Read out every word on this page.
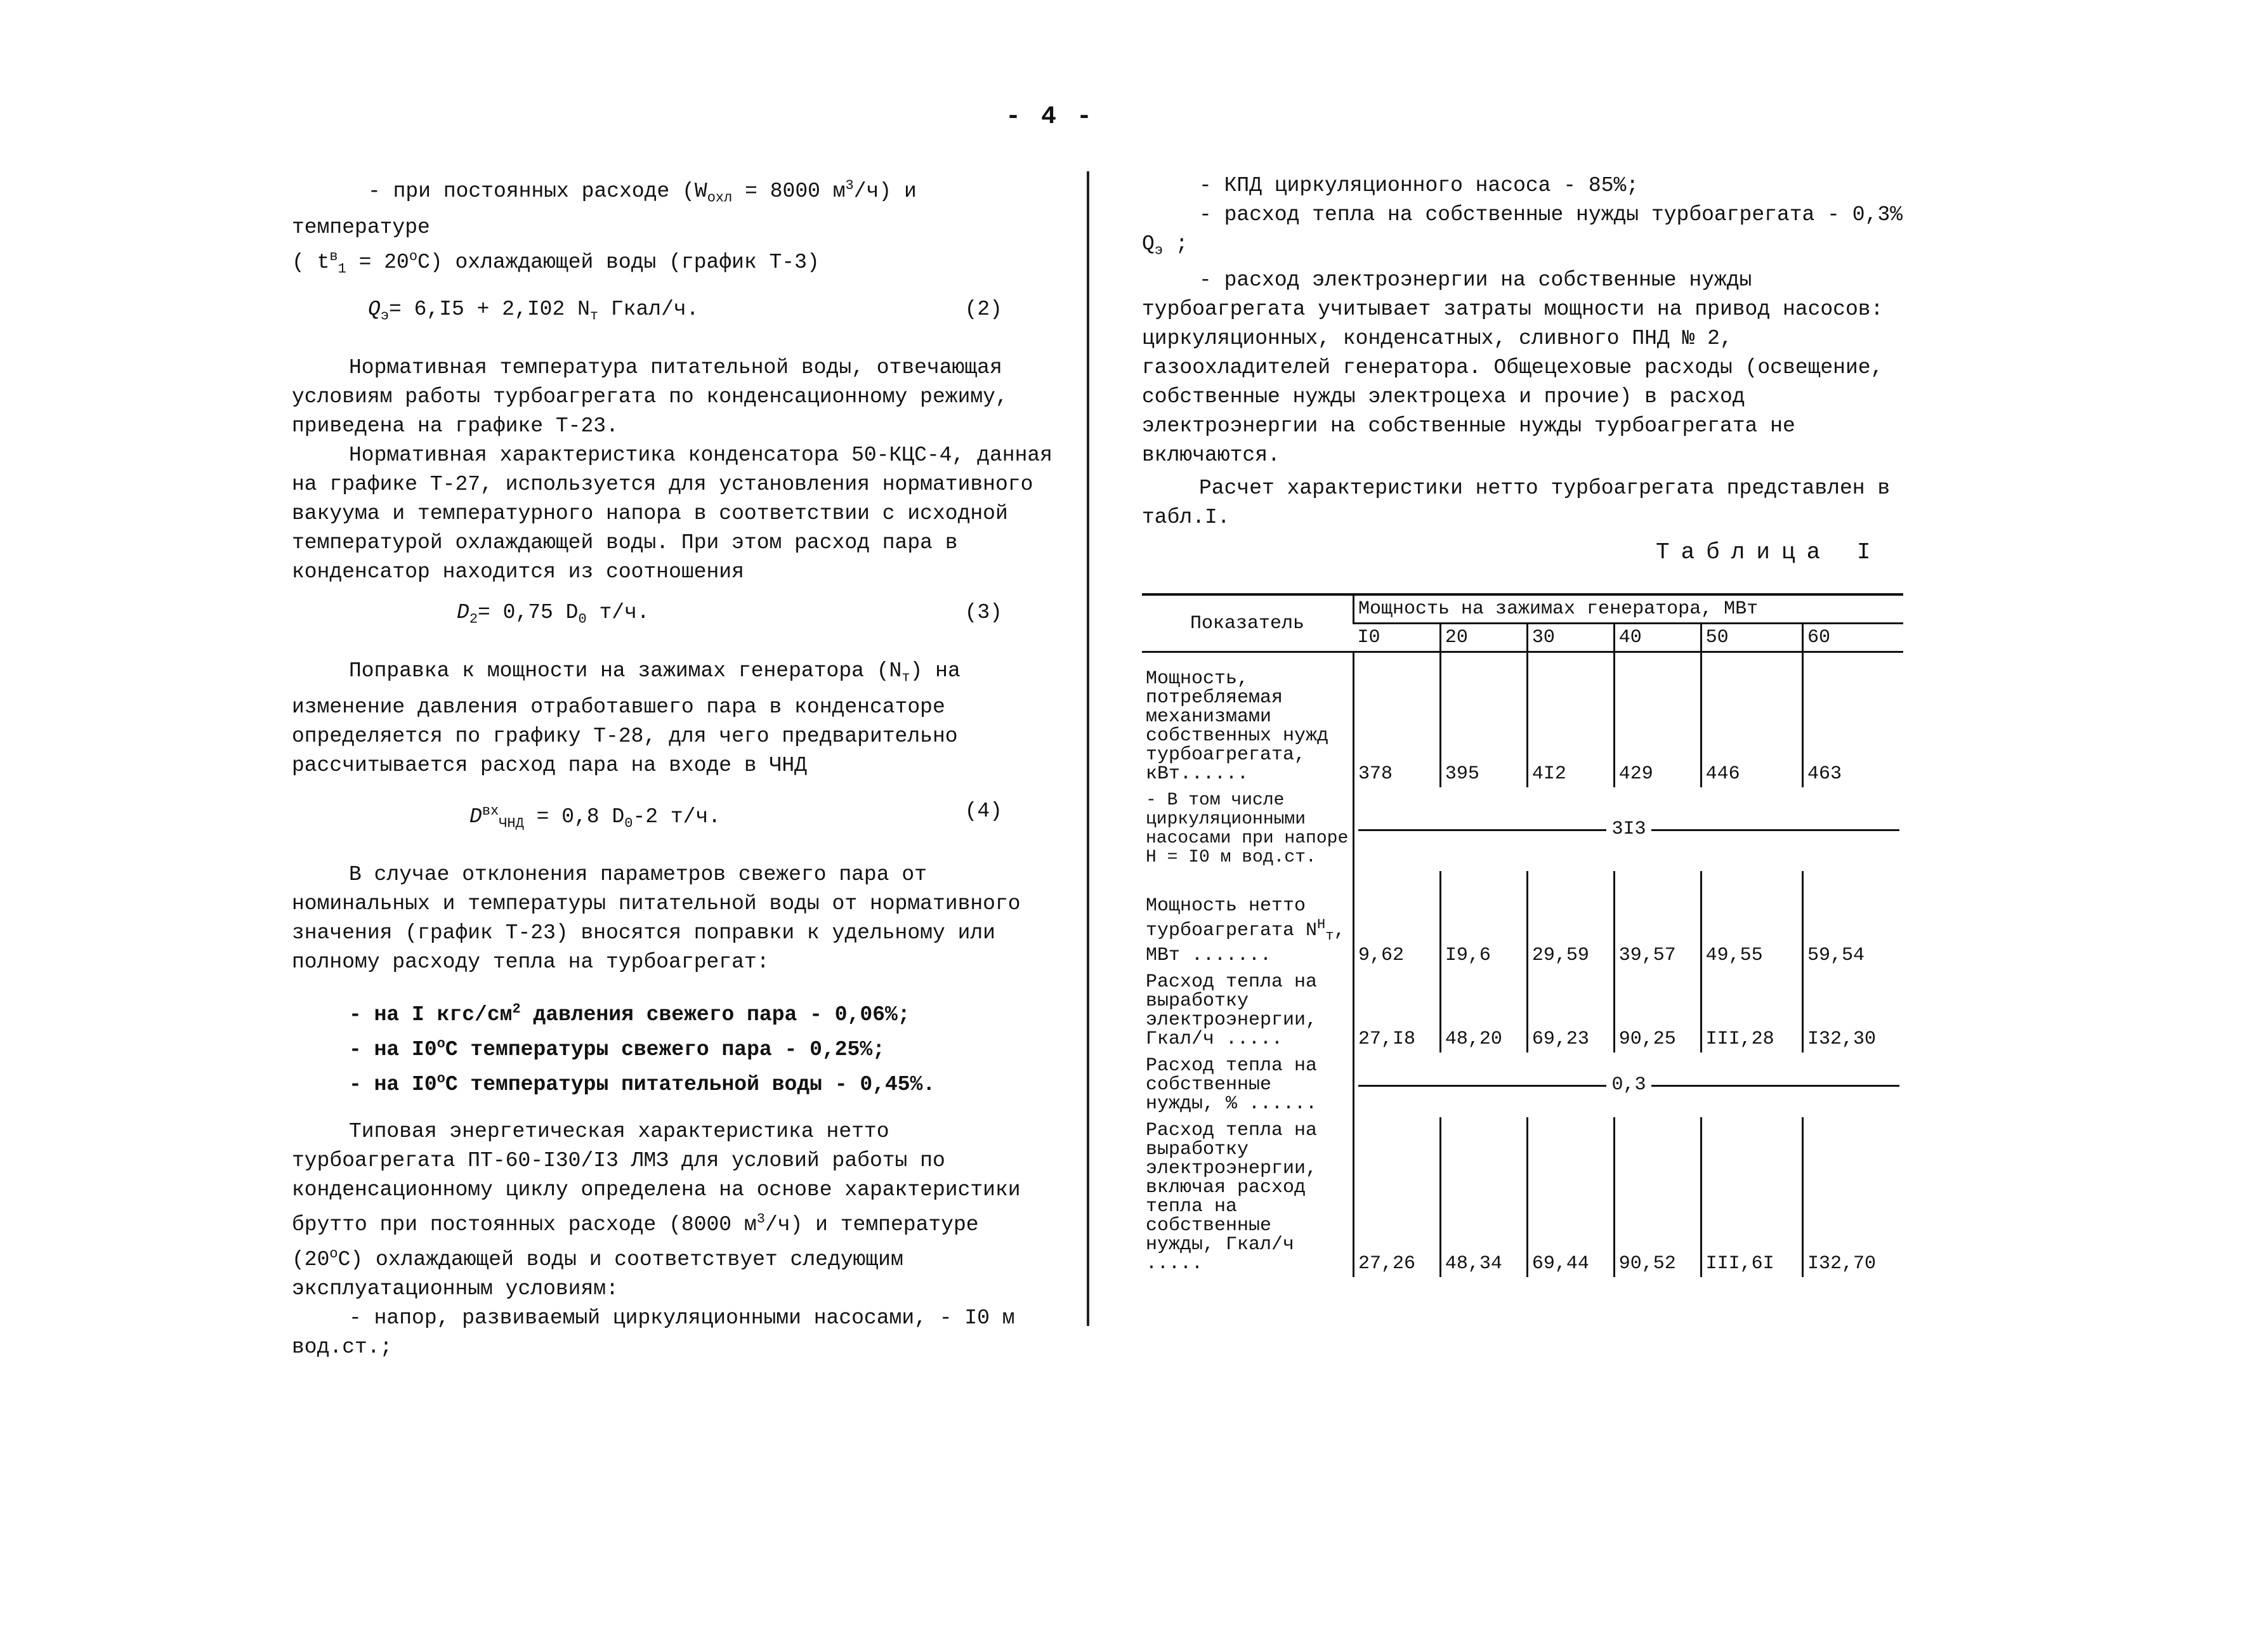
- 4 -

- при постоянных расходе ($W_{охл} = 8000$ $м^3/ч$) и температуре

( $t^в_1 = 20^oС$) охлаждающей воды (график Т-3)

$Q_э= 6,I5 + 2,I02$ $N_т$ Гкал/ч.	(2)

Нормативная температура питательной воды, отвечающая условиям работы турбоагрегата по конденсационному режиму, приведена на графике Т-23.

Нормативная характеристика конденсатора 50-КЦС-4, данная на графике Т-27, используется для установления нормативного вакуума и температурного напора в соответствии с исходной температурой охлаждающей воды. При этом расход пара в конденсатор находится из соотношения

$D_2= 0,75$ $D_0$ т/ч.	(3)

Поправка к мощности на зажимах генератора $(N_т)$ на изменение давления отработавшего пара в конденсаторе определяется по графику Т-28, для чего предварительно рассчитывается расход пара на входе в ЧНД

$D^{вх}_{ЧНД} = 0,8$ $D_0-2$ т/ч.	(4)

В случае отклонения параметров свежего пара от номинальных и температуры питательной воды от нормативного значения (график Т-23) вносятся поправки к удельному или полному расходу тепла на турбоагрегат:

- на I кгс/$см^2$ давления свежего пара - 0,06%;

- на I0$^o$С температуры свежего пара - 0,25%;

- на I0$^o$С температуры питательной воды - 0,45%.

Типовая энергетическая характеристика нетто турбоагрегата ПТ-60-I30/I3 ЛМЗ для условий работы по конденсационному циклу определена на основе характеристики брутто при постоянных расходе (8000 $м^3/ч$) и температуре (20$^o$С) охлаждающей воды и соответствует следующим эксплуатационным условиям:

- напор, развиваемый циркуляционными насосами, - I0 м вод.ст.;

- КПД циркуляционного насоса - 85%;

- расход тепла на собственные нужды турбоагрегата - 0,3% $Q_э$ ;

- расход электроэнергии на собственные нужды турбоагрегата учитывает затраты мощности на привод насосов: циркуляционных, конденсатных, сливного ПНД № 2, газоохладителей генератора. Общецеховые расходы (освещение, собственные нужды электроцеха и прочие) в расход электроэнергии на собственные нужды турбоагрегата не включаются.

Расчет характеристики нетто турбоагрегата представлен в табл.I.

Таблица I
Показатель	Мощность на зажимах генератора, МВт					
	I0	20	30	40	50	60
Мощность, потребляемая механизмами собственных нужд турбоагрегата, кВт......	378	395	4I2	429	446	463
- В том числе циркуляционными насосами при напоре H = I0 м вод.ст.	3I3					

Мощность нетто турбоагрегата $N^H_т$, МВт .......	9,62	I9,6	29,59	39,57	49,55	59,54
Расход тепла на выработку электроэнергии, Гкал/ч .....	27,I8	48,20	69,23	90,25	III,28	I32,30
Расход тепла на собственные нужды, % ......	0,3					

Расход тепла на выработку электроэнергии, включая расход тепла на собственные нужды, Гкал/ч .....	27,26	48,34	69,44	90,52	III,6I	I32,70
